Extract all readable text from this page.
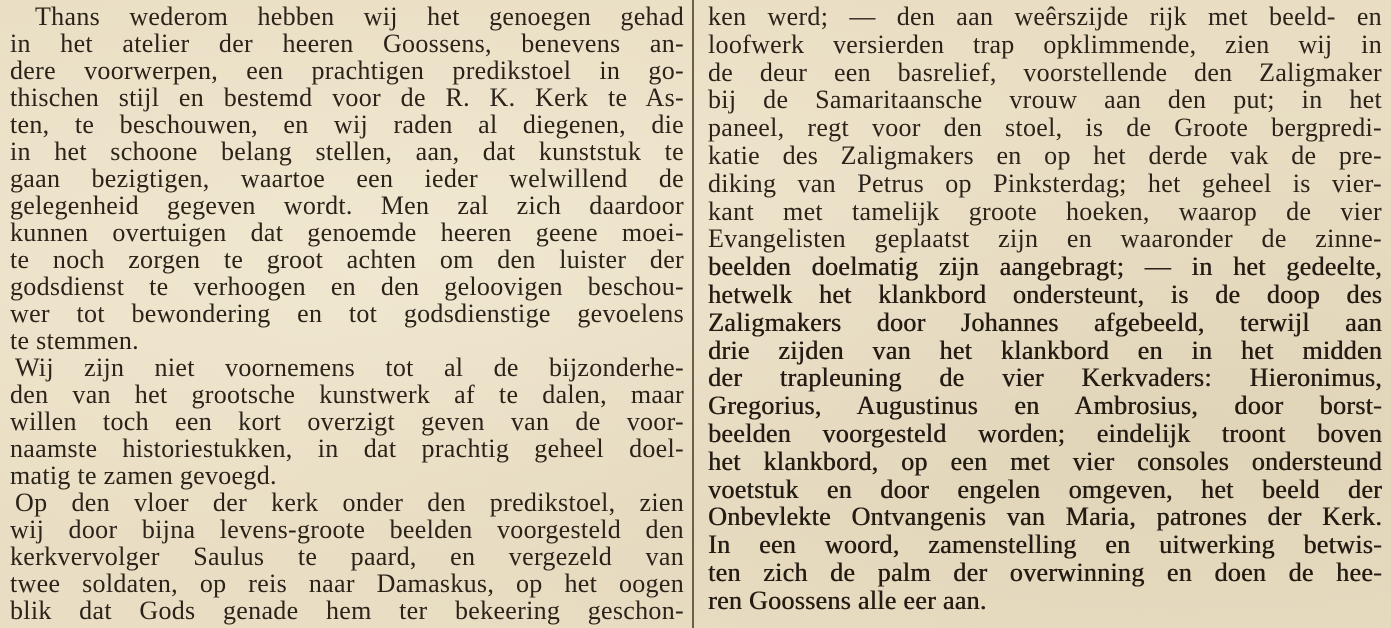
Thans wederom hebben wij het genoegen gehad
in het atelier der heeren Goossens, benevens an-
dere voorwerpen, een prachtigen predikstoel in go-
thischen stijl en bestemd voor de R. K. Kerk te As-
ten, te beschouwen, en wij raden al diegenen, die
in het schoone belang stellen, aan, dat kunststuk te
gaan bezigtigen, waartoe een ieder welwillend de
gelegenheid gegeven wordt. Men zal zich daardoor
kunnen overtuigen dat genoemde heeren geene moei-
te noch zorgen te groot achten om den luister der
godsdienst te verhoogen en den geloovigen beschou-
wer tot bewondering en tot godsdienstige gevoelens
te stemmen.
Wij zijn niet voornemens tot al de bijzonderhe-
den van het grootsche kunstwerk af te dalen, maar
willen toch een kort overzigt geven van de voor-
naamste historiestukken, in dat prachtig geheel doel-
matig te zamen gevoegd.
Op den vloer der kerk onder den predikstoel, zien
wij door bijna levens-groote beelden voorgesteld den
kerkvervolger Saulus te paard, en vergezeld van
twee soldaten, op reis naar Damaskus, op het oogen
blik dat Gods genade hem ter bekeering geschon-
ken werd; — den aan weêrszijde rijk met beeld- en
loofwerk versierden trap opklimmende, zien wij in
de deur een basrelief, voorstellende den Zaligmaker
bij de Samaritaansche vrouw aan den put; in het
paneel, regt voor den stoel, is de Groote bergpredi-
katie des Zaligmakers en op het derde vak de pre-
diking van Petrus op Pinksterdag; het geheel is vier-
kant met tamelijk groote hoeken, waarop de vier
Evangelisten geplaatst zijn en waaronder de zinne-
beelden doelmatig zijn aangebragt; — in het gedeelte,
hetwelk het klankbord ondersteunt, is de doop des
Zaligmakers door Johannes afgebeeld, terwijl aan
drie zijden van het klankbord en in het midden
der trapleuning de vier Kerkvaders: Hieronimus,
Gregorius, Augustinus en Ambrosius, door borst-
beelden voorgesteld worden; eindelijk troont boven
het klankbord, op een met vier consoles ondersteund
voetstuk en door engelen omgeven, het beeld der
Onbevlekte Ontvangenis van Maria, patrones der Kerk.
In een woord, zamenstelling en uitwerking betwis-
ten zich de palm der overwinning en doen de hee-
ren Goossens alle eer aan.
